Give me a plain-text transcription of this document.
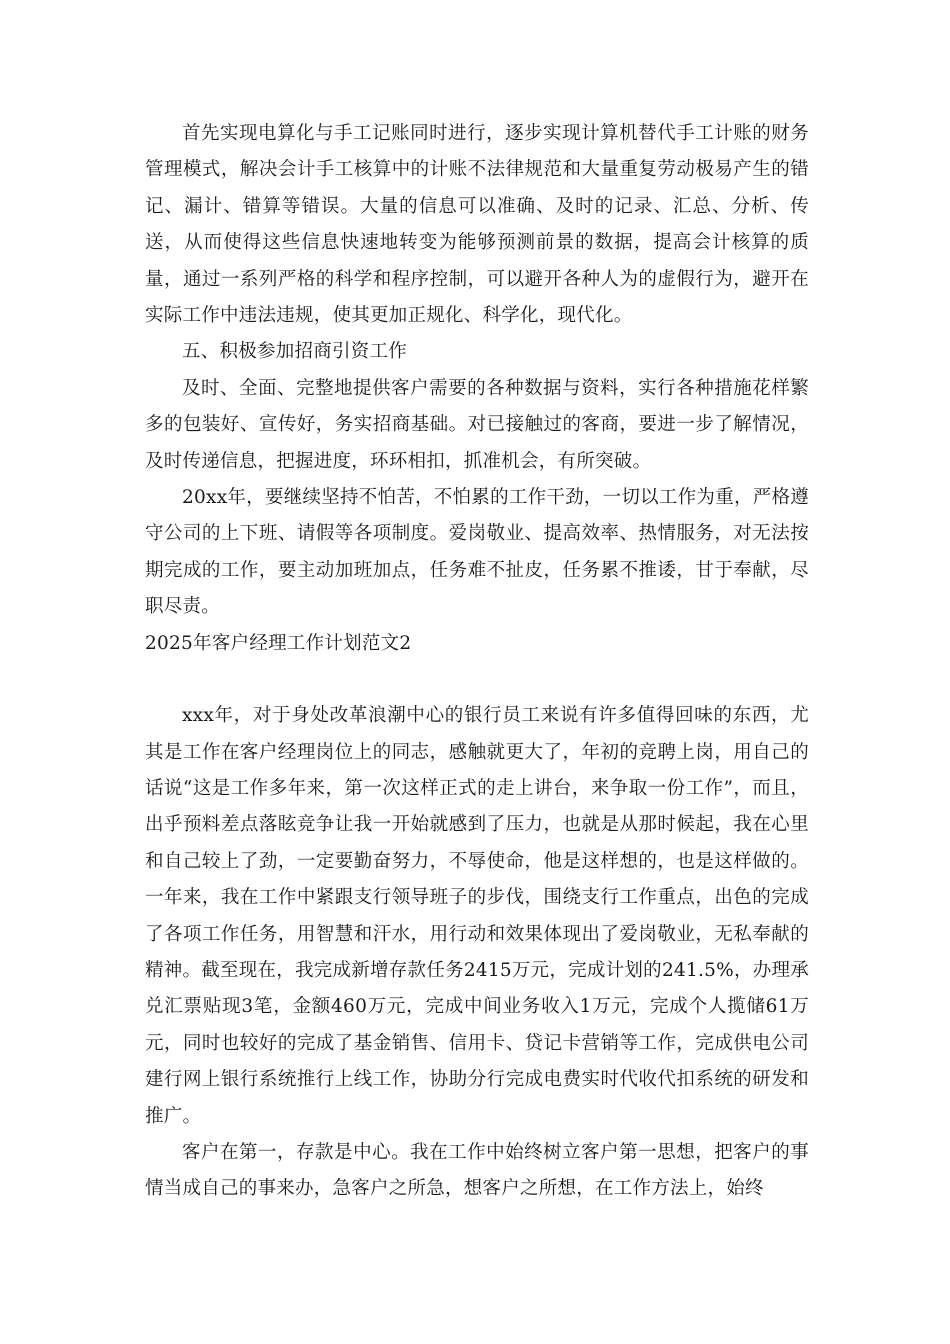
首先实现电算化与手工记账同时进行，逐步实现计算机替代手工计账的财务管理模式，解决会计手工核算中的计账不法律规范和大量重复劳动极易产生的错记、漏计、错算等错误。大量的信息可以准确、及时的记录、汇总、分析、传送，从而使得这些信息快速地转变为能够预测前景的数据，提高会计核算的质量，通过一系列严格的科学和程序控制，可以避开各种人为的虚假行为，避开在实际工作中违法违规，使其更加正规化、科学化，现代化。

五、积极参加招商引资工作

及时、全面、完整地提供客户需要的各种数据与资料，实行各种措施花样繁多的包装好、宣传好，务实招商基础。对已接触过的客商，要进一步了解情况，及时传递信息，把握进度，环环相扣，抓准机会，有所突破。

20xx年，要继续坚持不怕苦，不怕累的工作干劲，一切以工作为重，严格遵守公司的上下班、请假等各项制度。爱岗敬业、提高效率、热情服务，对无法按期完成的工作，要主动加班加点，任务难不扯皮，任务累不推诿，甘于奉献，尽职尽责。

2025年客户经理工作计划范文2

xxx年，对于身处改革浪潮中心的银行员工来说有许多值得回味的东西，尤其是工作在客户经理岗位上的同志，感触就更大了，年初的竞聘上岗，用自己的话说“这是工作多年来，第一次这样正式的走上讲台，来争取一份工作”，而且，出乎预料差点落眩竞争让我一开始就感到了压力，也就是从那时候起，我在心里和自己较上了劲，一定要勤奋努力，不辱使命，他是这样想的，也是这样做的。一年来，我在工作中紧跟支行领导班子的步伐，围绕支行工作重点，出色的完成了各项工作任务，用智慧和汗水，用行动和效果体现出了爱岗敬业，无私奉献的精神。截至现在，我完成新增存款任务2415万元，完成计划的241.5%，办理承兑汇票贴现3笔，金额460万元，完成中间业务收入1万元，完成个人揽储61万元，同时也较好的完成了基金销售、信用卡、贷记卡营销等工作，完成供电公司建行网上银行系统推行上线工作，协助分行完成电费实时代收代扣系统的研发和推广。

客户在第一，存款是中心。我在工作中始终树立客户第一思想，把客户的事情当成自己的事来办，急客户之所急，想客户之所想，在工作方法上，始终
